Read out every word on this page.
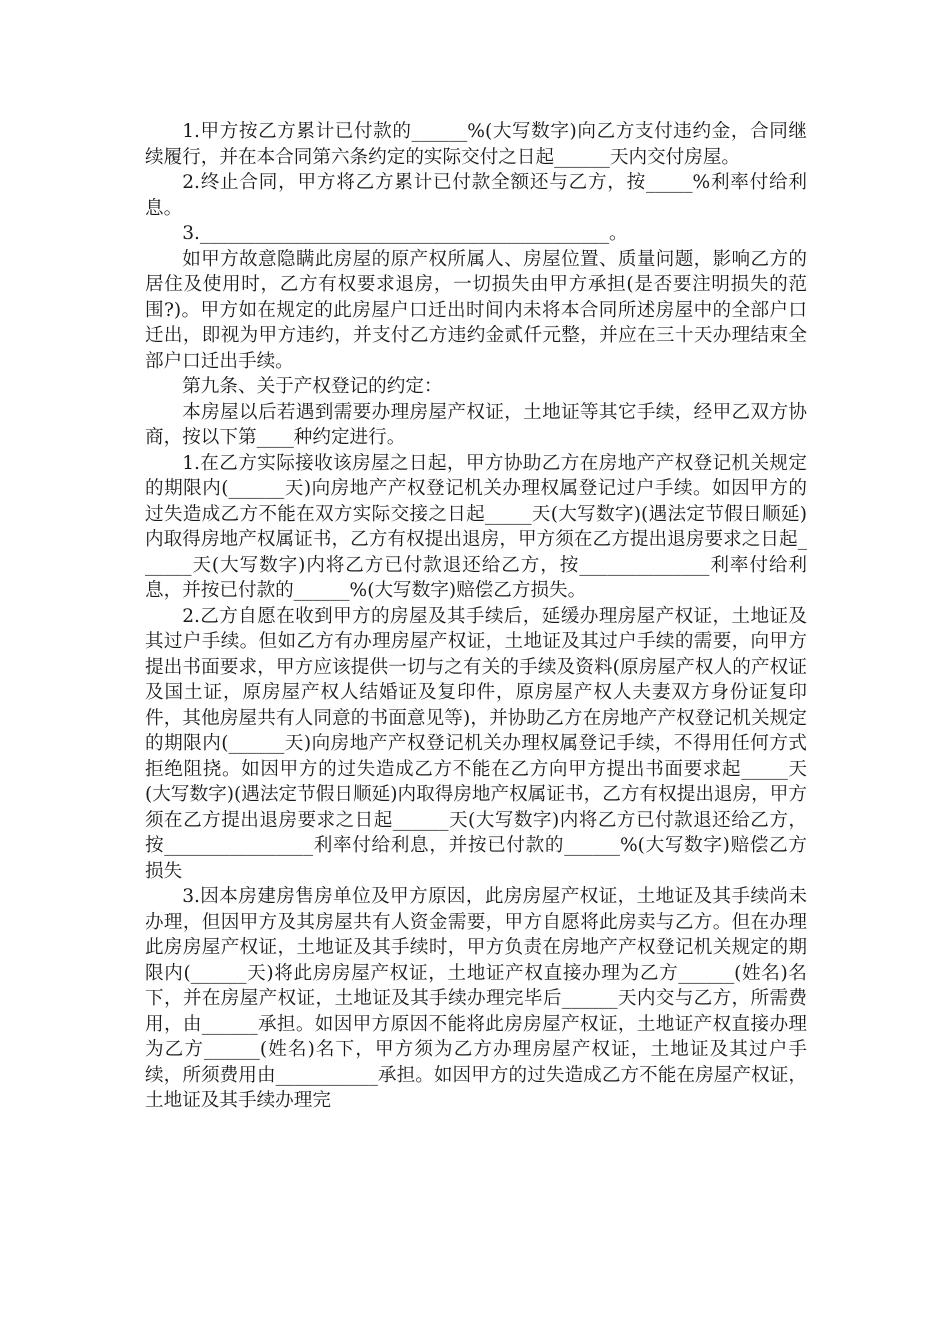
1.甲方按乙方累计已付款的______%(大写数字)向乙方支付违约金，合同继续履行，并在本合同第六条约定的实际交付之日起______天内交付房屋。

2.终止合同，甲方将乙方累计已付款全额还与乙方，按_____%利率付给利息。

3.____________________________________________。

如甲方故意隐瞒此房屋的原产权所属人、房屋位置、质量问题，影响乙方的居住及使用时，乙方有权要求退房，一切损失由甲方承担(是否要注明损失的范围?)。甲方如在规定的此房屋户口迁出时间内未将本合同所述房屋中的全部户口迁出，即视为甲方违约，并支付乙方违约金贰仟元整，并应在三十天办理结束全部户口迁出手续。

第九条、关于产权登记的约定：

本房屋以后若遇到需要办理房屋产权证，土地证等其它手续，经甲乙双方协商，按以下第____种约定进行。

1.在乙方实际接收该房屋之日起，甲方协助乙方在房地产产权登记机关规定的期限内(______天)向房地产产权登记机关办理权属登记过户手续。如因甲方的过失造成乙方不能在双方实际交接之日起_____天(大写数字)(遇法定节假日顺延)内取得房地产权属证书，乙方有权提出退房，甲方须在乙方提出退房要求之日起______天(大写数字)内将乙方已付款退还给乙方，按______________利率付给利息，并按已付款的______%(大写数字)赔偿乙方损失。

2.乙方自愿在收到甲方的房屋及其手续后，延缓办理房屋产权证，土地证及其过户手续。但如乙方有办理房屋产权证，土地证及其过户手续的需要，向甲方提出书面要求，甲方应该提供一切与之有关的手续及资料(原房屋产权人的产权证及国土证，原房屋产权人结婚证及复印件，原房屋产权人夫妻双方身份证复印件，其他房屋共有人同意的书面意见等)，并协助乙方在房地产产权登记机关规定的期限内(______天)向房地产产权登记机关办理权属登记手续，不得用任何方式拒绝阻挠。如因甲方的过失造成乙方不能在乙方向甲方提出书面要求起_____天(大写数字)(遇法定节假日顺延)内取得房地产权属证书，乙方有权提出退房，甲方须在乙方提出退房要求之日起______天(大写数字)内将乙方已付款退还给乙方，按________________利率付给利息，并按已付款的______%(大写数字)赔偿乙方损失

3.因本房建房售房单位及甲方原因，此房房屋产权证，土地证及其手续尚未办理，但因甲方及其房屋共有人资金需要，甲方自愿将此房卖与乙方。但在办理此房房屋产权证，土地证及其手续时，甲方负责在房地产产权登记机关规定的期限内(______天)将此房房屋产权证，土地证产权直接办理为乙方______(姓名)名下，并在房屋产权证，土地证及其手续办理完毕后______天内交与乙方，所需费用，由______承担。如因甲方原因不能将此房房屋产权证，土地证产权直接办理为乙方______(姓名)名下，甲方须为乙方办理房屋产权证，土地证及其过户手续，所须费用由___________承担。如因甲方的过失造成乙方不能在房屋产权证，土地证及其手续办理完
